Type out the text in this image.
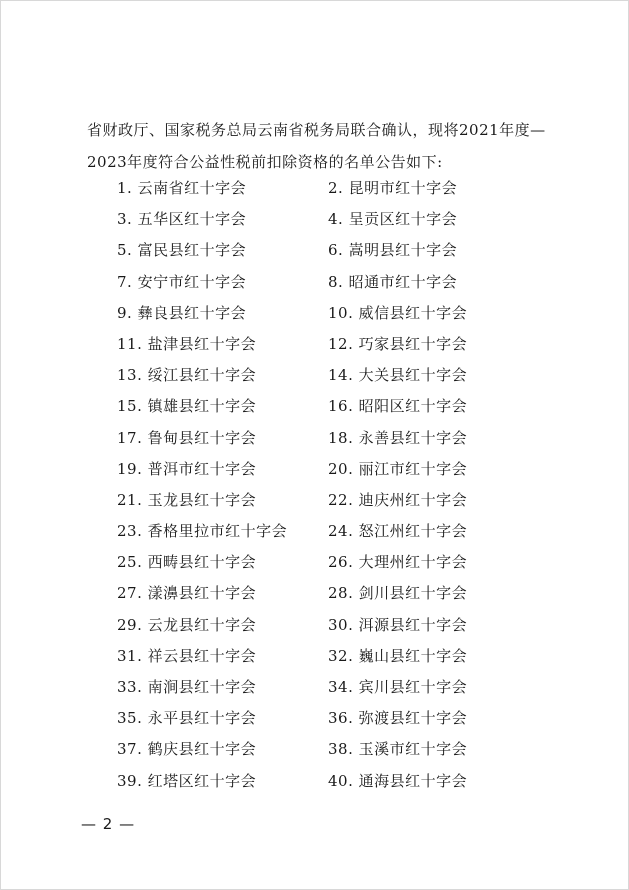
省财政厅、国家税务总局云南省税务局联合确认，现将2021年度—

2023年度符合公益性税前扣除资格的名单公告如下:

1. 云南省红十字会	2. 昆明市红十字会
3. 五华区红十字会	4. 呈贡区红十字会
5. 富民县红十字会	6. 嵩明县红十字会
7. 安宁市红十字会	8. 昭通市红十字会
9. 彝良县红十字会	10. 威信县红十字会
11. 盐津县红十字会	12. 巧家县红十字会
13. 绥江县红十字会	14. 大关县红十字会
15. 镇雄县红十字会	16. 昭阳区红十字会
17. 鲁甸县红十字会	18. 永善县红十字会
19. 普洱市红十字会	20. 丽江市红十字会
21. 玉龙县红十字会	22. 迪庆州红十字会
23. 香格里拉市红十字会	24. 怒江州红十字会
25. 西畴县红十字会	26. 大理州红十字会
27. 漾濞县红十字会	28. 剑川县红十字会
29. 云龙县红十字会	30. 洱源县红十字会
31. 祥云县红十字会	32. 巍山县红十字会
33. 南涧县红十字会	34. 宾川县红十字会
35. 永平县红十字会	36. 弥渡县红十字会
37. 鹤庆县红十字会	38. 玉溪市红十字会
39. 红塔区红十字会	40. 通海县红十字会
— 2 —
